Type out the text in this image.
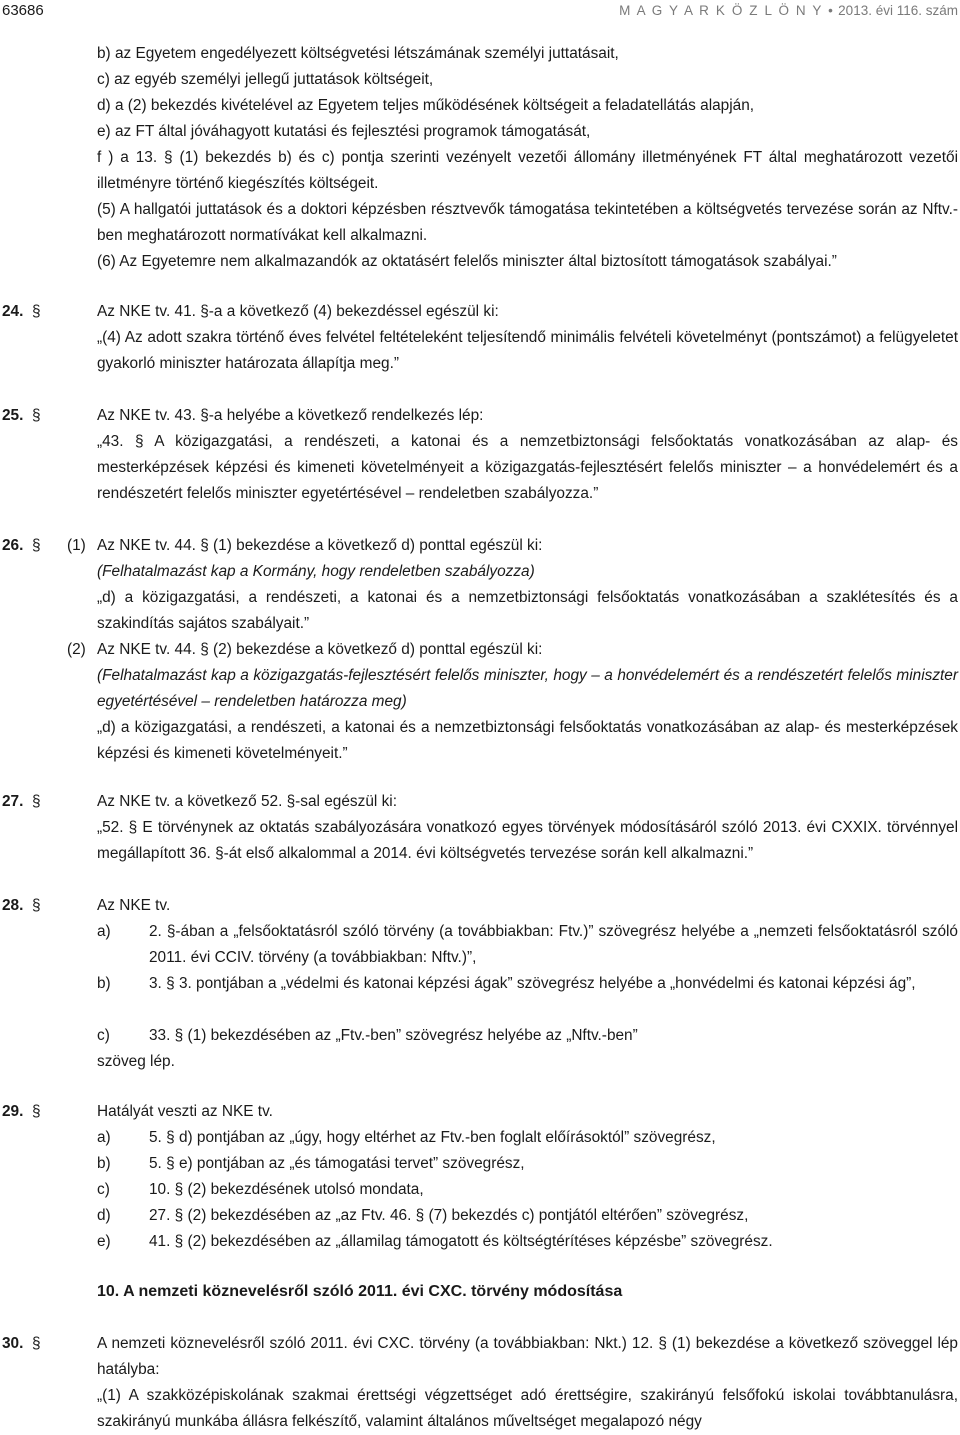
63686	M A G Y A R K Ö Z L Ö N Y • 2013. évi 116. szám

b) az Egyetem engedélyezett költségvetési létszámának személyi juttatásait,

c) az egyéb személyi jellegű juttatások költségeit,

d) a (2) bekezdés kivételével az Egyetem teljes működésének költségeit a feladatellátás alapján,

e) az FT által jóváhagyott kutatási és fejlesztési programok támogatását,

f ) a 13. § (1) bekezdés b) és c) pontja szerinti vezényelt vezetői állomány illetményének FT által meghatározott vezetői illetményre történő kiegészítés költségeit.

(5) A hallgatói juttatások és a doktori képzésben résztvevők támogatása tekintetében a költségvetés tervezése során az Nftv.-ben meghatározott normatívákat kell alkalmazni.

(6) Az Egyetemre nem alkalmazandók az oktatásért felelős miniszter által biztosított támogatások szabályai.”

24. §	Az NKE tv. 41. §-a a következő (4) bekezdéssel egészül ki:

„(4) Az adott szakra történő éves felvétel feltételeként teljesítendő minimális felvételi követelményt (pontszámot) a felügyeletet gyakorló miniszter határozata állapítja meg.”

25. §	Az NKE tv. 43. §-a helyébe a következő rendelkezés lép:

„43. § A közigazgatási, a rendészeti, a katonai és a nemzetbiztonsági felsőoktatás vonatkozásában az alap- és mesterképzések képzési és kimeneti követelményeit a közigazgatás-fejlesztésért felelős miniszter – a honvédelemért és a rendészetért felelős miniszter egyetértésével – rendeletben szabályozza.”

26. § (1) Az NKE tv. 44. § (1) bekezdése a következő d) ponttal egészül ki:

(Felhatalmazást kap a Kormány, hogy rendeletben szabályozza)

„d) a közigazgatási, a rendészeti, a katonai és a nemzetbiztonsági felsőoktatás vonatkozásában a szaklétesítés és a szakindítás sajátos szabályait.”

(2) Az NKE tv. 44. § (2) bekezdése a következő d) ponttal egészül ki:

(Felhatalmazást kap a közigazgatás-fejlesztésért felelős miniszter, hogy – a honvédelemért és a rendészetért felelős miniszter egyetértésével – rendeletben határozza meg)

„d) a közigazgatási, a rendészeti, a katonai és a nemzetbiztonsági felsőoktatás vonatkozásában az alap- és mesterképzések képzési és kimeneti követelményeit.”

27. §	Az NKE tv. a következő 52. §-sal egészül ki:

„52. § E törvénynek az oktatás szabályozására vonatkozó egyes törvények módosításáról szóló 2013. évi CXXIX. törvénnyel megállapított 36. §-át első alkalommal a 2014. évi költségvetés tervezése során kell alkalmazni.”

28. §	Az NKE tv.

a) 2. §-ában a „felsőoktatásról szóló törvény (a továbbiakban: Ftv.)” szövegrész helyébe a „nemzeti felsőoktatásról szóló 2011. évi CCIV. törvény (a továbbiakban: Nftv.)”,
b) 3. § 3. pontjában a „védelmi és katonai képzési ágak” szövegrész helyébe a „honvédelmi és katonai képzési ág”,
c)	33. § (1) bekezdésében az „Ftv.-ben” szövegrész helyébe az „Nftv.-ben”

szöveg lép.

29. §	Hatályát veszti az NKE tv.

a) 5. § d) pontjában az „úgy, hogy eltérhet az Ftv.-ben foglalt előírásoktól” szövegrész,
b) 5. § e) pontjában az „és támogatási tervet” szövegrész,
c)	10. § (2) bekezdésének utolsó mondata,
d) 27. § (2) bekezdésében az „az Ftv. 46. § (7) bekezdés c) pontjától eltérően” szövegrész,
e) 41. § (2) bekezdésében az „államilag támogatott és költségtérítéses képzésbe” szövegrész.

10. A nemzeti köznevelésről szóló 2011. évi CXC. törvény módosítása

30. §	A nemzeti köznevelésről szóló 2011. évi CXC. törvény (a továbbiakban: Nkt.) 12. § (1) bekezdése a következő szöveggel lép hatályba:

„(1) A szakközépiskolának szakmai érettségi végzettséget adó érettségire, szakirányú felsőfokú iskolai továbbtanulásra, szakirányú munkába állásra felkészítő, valamint általános műveltséget megalapozó négy
